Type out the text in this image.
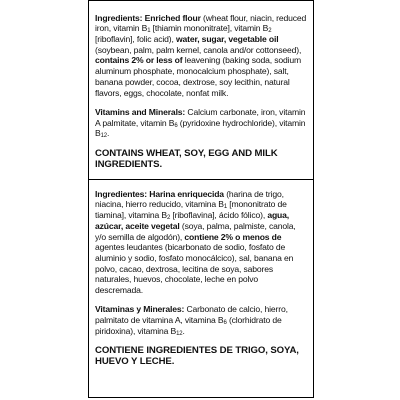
Ingredients: Enriched flour (wheat flour, niacin, reduced iron, vitamin $B_1$ [thiamin mononitrate], vitamin $B_2$ [riboflavin], folic acid), water, sugar, vegetable oil (soybean, palm, palm kernel, canola and/or cottonseed), contains 2% or less of leavening (baking soda, sodium aluminum phosphate, monocalcium phosphate), salt, banana powder, cocoa, dextrose, soy lecithin, natural flavors, eggs, chocolate, nonfat milk.

Vitamins and Minerals: Calcium carbonate, iron, vitamin A palmitate, vitamin $B_6$ (pyridoxine hydrochloride), vitamin $B_{12}$.

CONTAINS WHEAT, SOY, EGG AND MILK INGREDIENTS.

Ingredientes: Harina enriquecida (harina de trigo, niacina, hierro reducido, vitamina $B_1$ [mononitrato de tiamina], vitamina $B_2$ [riboflavina], ácido fólico), agua, azúcar, aceite vegetal (soya, palma, palmiste, canola, y/o semilla de algodón), contiene 2% o menos de agentes leudantes (bicarbonato de sodio, fosfato de aluminio y sodio, fosfato monocálcico), sal, banana en polvo, cacao, dextrosa, lecitina de soya, sabores naturales, huevos, chocolate, leche en polvo descremada.

Vitaminas y Minerales: Carbonato de calcio, hierro, palmitato de vitamina A, vitamina $B_6$ (clorhidrato de piridoxina), vitamina $B_{12}$.

CONTIENE INGREDIENTES DE TRIGO, SOYA, HUEVO Y LECHE.
